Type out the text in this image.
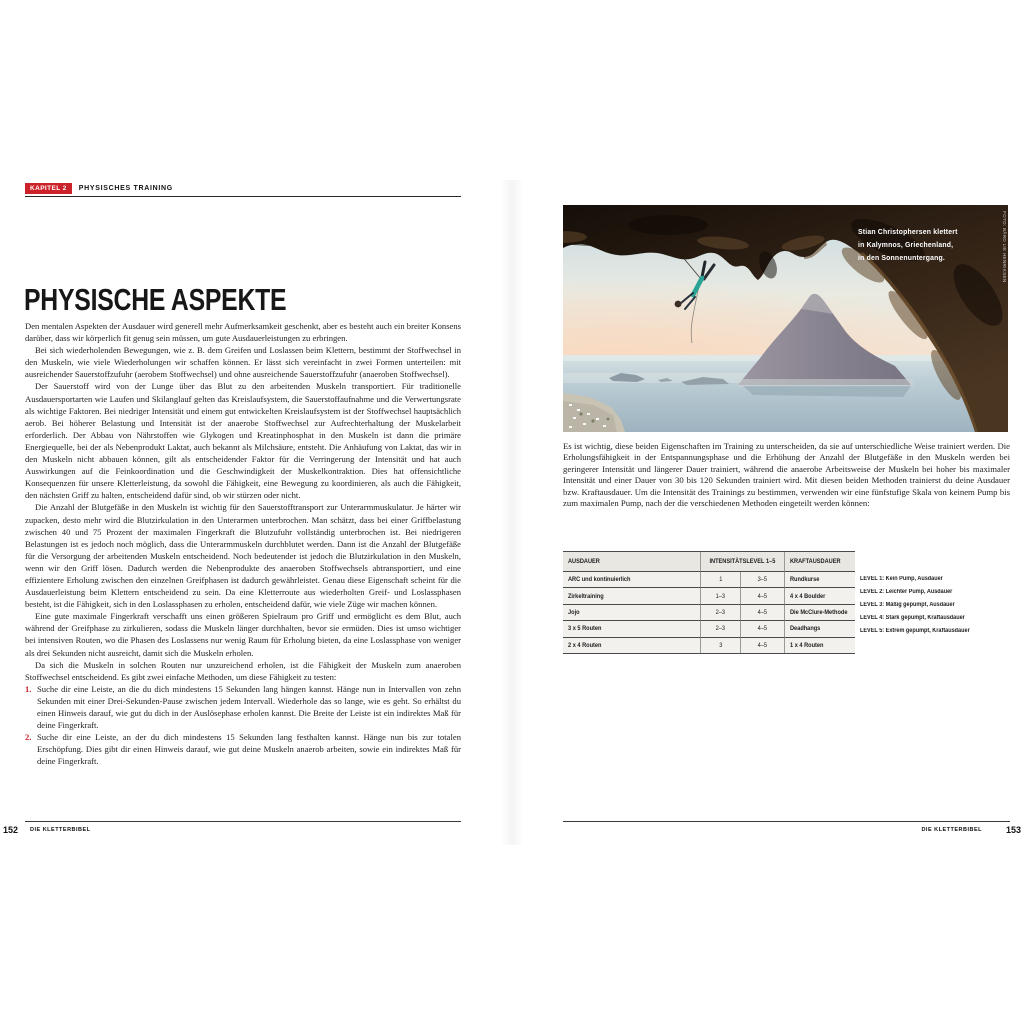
KAPITEL 2	PHYSISCHES TRAINING
PHYSISCHE ASPEKTE

Den mentalen Aspekten der Ausdauer wird generell mehr Aufmerksamkeit geschenkt, aber es besteht auch ein breiter Konsens darüber, dass wir körperlich fit genug sein müssen, um gute Ausdauerleistungen zu erbringen.

Bei sich wiederholenden Bewegungen, wie z. B. dem Greifen und Loslassen beim Klettern, bestimmt der Stoffwechsel in den Muskeln, wie viele Wiederholungen wir schaffen können. Er lässt sich vereinfacht in zwei Formen unterteilen: mit ausreichender Sauerstoffzufuhr (aerobem Stoffwechsel) und ohne ausreichende Sauerstoffzufuhr (anaeroben Stoffwechsel).

Der Sauerstoff wird von der Lunge über das Blut zu den arbeitenden Muskeln transportiert. Für traditionelle Ausdauersportarten wie Laufen und Skilanglauf gelten das Kreislaufsystem, die Sauerstoffaufnahme und die Verwertungsrate als wichtige Faktoren. Bei niedriger Intensität und einem gut entwickelten Kreislaufsystem ist der Stoffwechsel hauptsächlich aerob. Bei höherer Belastung und Intensität ist der anaerobe Stoffwechsel zur Aufrechterhaltung der Muskelarbeit erforderlich. Der Abbau von Nährstoffen wie Glykogen und Kreatinphosphat in den Muskeln ist dann die primäre Energiequelle, bei der als Nebenprodukt Laktat, auch bekannt als Milchsäure, entsteht. Die Anhäufung von Laktat, das wir in den Muskeln nicht abbauen können, gilt als entscheidender Faktor für die Verringerung der Intensität und hat auch Auswirkungen auf die Feinkoordination und die Geschwindigkeit der Muskelkontraktion. Dies hat offensichtliche Konsequenzen für unsere Kletterleistung, da sowohl die Fähigkeit, eine Bewegung zu koordinieren, als auch die Fähigkeit, den nächsten Griff zu halten, entscheidend dafür sind, ob wir stürzen oder nicht.

Die Anzahl der Blutgefäße in den Muskeln ist wichtig für den Sauerstofftransport zur Unterarmmuskulatur. Je härter wir zupacken, desto mehr wird die Blutzirkulation in den Unterarmen unterbrochen. Man schätzt, dass bei einer Griffbelastung zwischen 40 und 75 Prozent der maximalen Fingerkraft die Blutzufuhr vollständig unterbrochen ist. Bei niedrigeren Belastungen ist es jedoch noch möglich, dass die Unterarmmuskeln durchblutet werden. Dann ist die Anzahl der Blutgefäße für die Versorgung der arbeitenden Muskeln entscheidend. Noch bedeutender ist jedoch die Blutzirkulation in den Muskeln, wenn wir den Griff lösen. Dadurch werden die Nebenprodukte des anaeroben Stoffwechsels abtransportiert, und eine effizientere Erholung zwischen den einzelnen Greifphasen ist dadurch gewährleistet. Genau diese Eigenschaft scheint für die Ausdauerleistung beim Klettern entscheidend zu sein. Da eine Kletterroute aus wiederholten Greif- und Loslassphasen besteht, ist die Fähigkeit, sich in den Loslassphasen zu erholen, entscheidend dafür, wie viele Züge wir machen können.

Eine gute maximale Fingerkraft verschafft uns einen größeren Spielraum pro Griff und ermöglicht es dem Blut, auch während der Greifphase zu zirkulieren, sodass die Muskeln länger durchhalten, bevor sie ermüden. Dies ist umso wichtiger bei intensiven Routen, wo die Phasen des Loslassens nur wenig Raum für Erholung bieten, da eine Loslassphase von weniger als drei Sekunden nicht ausreicht, damit sich die Muskeln erholen.

Da sich die Muskeln in solchen Routen nur unzureichend erholen, ist die Fähigkeit der Muskeln zum anaeroben Stoffwechsel entscheidend. Es gibt zwei einfache Methoden, um diese Fähigkeit zu testen:

1. Suche dir eine Leiste, an die du dich mindestens 15 Sekunden lang hängen kannst. Hänge nun in Intervallen von zehn Sekunden mit einer Drei-Sekunden-Pause zwischen jedem Intervall. Wiederhole das so lange, wie es geht. So erhältst du einen Hinweis darauf, wie gut du dich in der Auslösephase erholen kannst. Die Breite der Leiste ist ein indirektes Maß für deine Fingerkraft.
2. Suche dir eine Leiste, an der du dich mindestens 15 Sekunden lang festhalten kannst. Hänge nun bis zur totalen Erschöpfung. Dies gibt dir einen Hinweis darauf, wie gut deine Muskeln anaerob arbeiten, sowie ein indirektes Maß für deine Fingerkraft.
152 DIE KLETTERBIBEL
Stian Christophersen klettert
in Kalymnos, Griechenland,
in den Sonnenuntergang.	FOTO: BÅRD LIE HENRIKSEN

Es ist wichtig, diese beiden Eigenschaften im Training zu unterscheiden, da sie auf unterschiedliche Weise trainiert werden. Die Erholungsfähigkeit in der Entspannungsphase und die Erhöhung der Anzahl der Blutgefäße in den Muskeln werden bei geringerer Intensität und längerer Dauer trainiert, während die anaerobe Arbeitsweise der Muskeln bei hoher bis maximaler Intensität und einer Dauer von 30 bis 120 Sekunden trainiert wird. Mit diesen beiden Methoden trainierst du deine Ausdauer bzw. Kraftausdauer. Um die Intensität des Trainings zu bestimmen, verwenden wir eine fünfstufige Skala von keinem Pump bis zum maximalen Pump, nach der die verschiedenen Methoden eingeteilt werden können:

AUSDAUER	INTENSITÄTSLEVEL 1–5 KRAFTAUSDAUER
ARC und kontinuierlich	1	3–5	Rundkurse
Zirkeltraining	1–3	4–5	4 x 4 Boulder
Jojo	2–3	4–5	Die McClure-Methode
3 x 5 Routen	2–3	4–5	Deadhangs
2 x 4 Routen	3	4–5	1 x 4 Routen
LEVEL 1: Kein Pump, Ausdauer
LEVEL 2: Leichter Pump, Ausdauer
LEVEL 3: Mäßig gepumpt, Ausdauer
LEVEL 4: Stark gepumpt, Kraftausdauer
LEVEL 5: Extrem gepumpt, Kraftausdauer
DIE KLETTERBIBEL	153
